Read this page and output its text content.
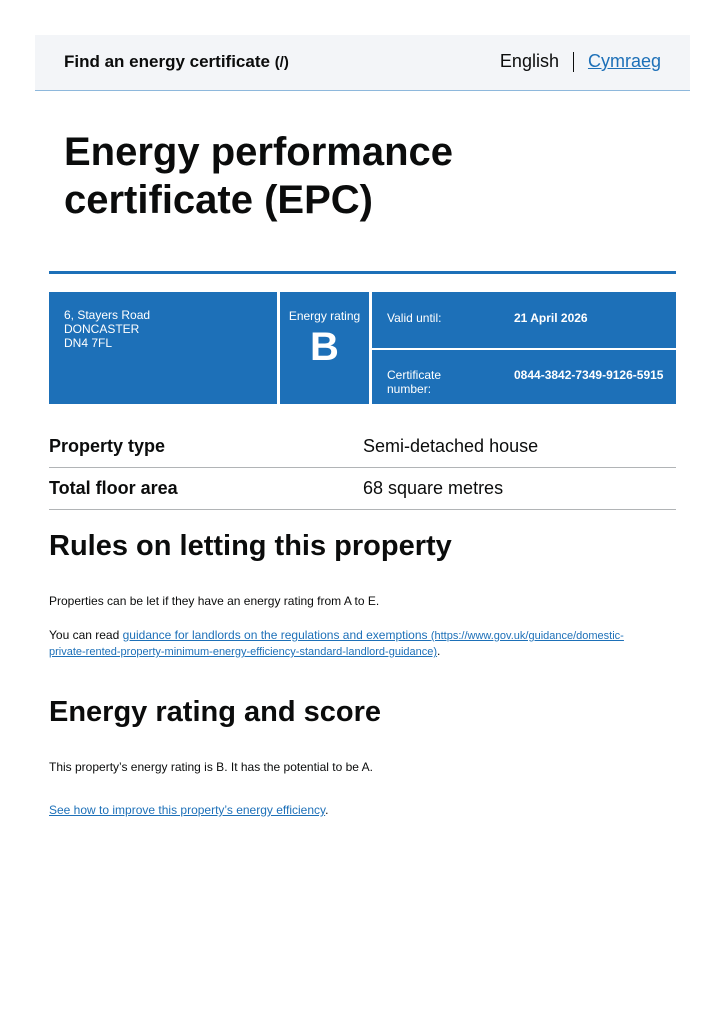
Find an energy certificate (/)	English Cymraeg
Energy performance certificate (EPC)
6, Stayers Road
DONCASTER
DN4 7FL
Energy rating
B
Valid until:	21 April 2026
Certificate number:
0844-3842-7349-9126-5915
Property type	Semi-detached house
Total floor area	68 square metres
Rules on letting this property

Properties can be let if they have an energy rating from A to E.

You can read guidance for landlords on the regulations and exemptions (https://www.gov.uk/guidance/domestic-private-rented-property-minimum-energy-efficiency-standard-landlord-guidance).

Energy rating and score

This property’s energy rating is B. It has the potential to be A.

See how to improve this property’s energy efficiency.
